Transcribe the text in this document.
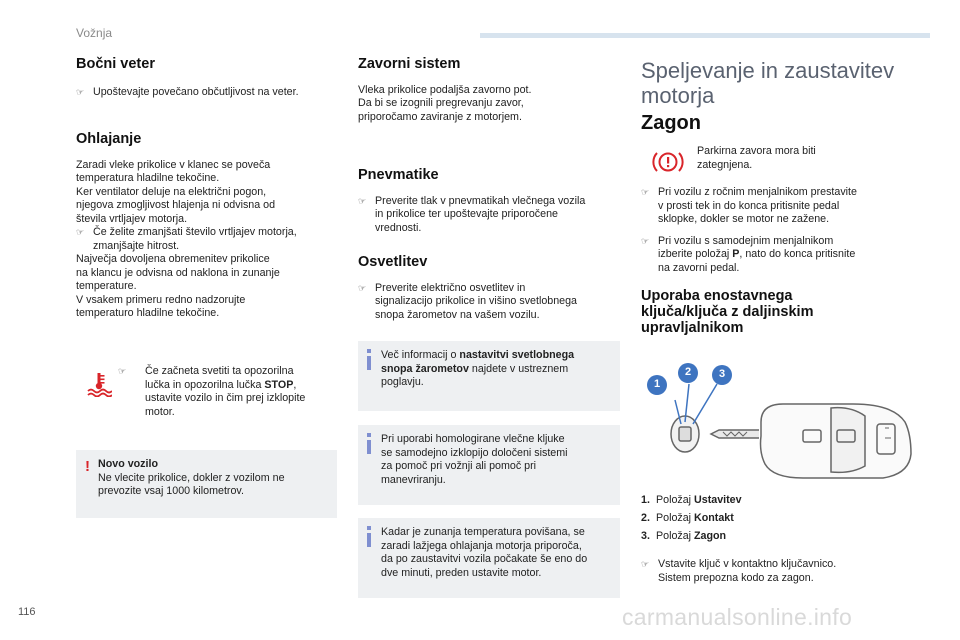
Vožnja
Bočni veter
☞ Upoštevajte povečano občutljivost na veter.
Ohlajanje
Zaradi vleke prikolice v klanec se poveča
temperatura hladilne tekočine.
Ker ventilator deluje na električni pogon,
njegova zmogljivost hlajenja ni odvisna od
števila vrtljajev motorja.
☞ Če želite zmanjšati število vrtljajev motorja,
zmanjšajte hitrost.
Največja dovoljena obremenitev prikolice
na klancu je odvisna od naklona in zunanje
temperature.
V vsakem primeru redno nadzorujte
temperaturo hladilne tekočine.
☞ Če začneta svetiti ta opozorilna
lučka in opozorilna lučka STOP,
ustavite vozilo in čim prej izklopite
motor.
! Novo vozilo
Ne vlecite prikolice, dokler z vozilom ne
prevozite vsaj 1000 kilometrov.
Zavorni sistem
Vleka prikolice podaljša zavorno pot.
Da bi se izognili pregrevanju zavor,
priporočamo zaviranje z motorjem.
Pnevmatike
☞ Preverite tlak v pnevmatikah vlečnega vozila
in prikolice ter upoštevajte priporočene
vrednosti.
Osvetlitev
☞ Preverite električno osvetlitev in
signalizacijo prikolice in višino svetlobnega
snopa žarometov na vašem vozilu.
Več informacij o nastavitvi svetlobnega
snopa žarometov najdete v ustreznem
poglavju.
Pri uporabi homologirane vlečne kljuke
se samodejno izklopijo določeni sistemi
za pomoč pri vožnji ali pomoč pri
manevriranju.
Kadar je zunanja temperatura povišana, se
zaradi lažjega ohlajanja motorja priporoča,
da po zaustavitvi vozila počakate še eno do
dve minuti, preden ustavite motor.
Speljevanje in zaustavitev
motorja
Zagon
Parkirna zavora mora biti
zategnjena.
☞ Pri vozilu z ročnim menjalnikom prestavite
v prosti tek in do konca pritisnite pedal
sklopke, dokler se motor ne zažene.
☞ Pri vozilu s samodejnim menjalnikom
izberite položaj P, nato do konca pritisnite
na zavorni pedal.
Uporaba enostavnega
ključa/ključa z daljinskim
upravljalnikom
1
2	3
1. Položaj Ustavitev
2. Položaj Kontakt
3. Položaj Zagon
☞ Vstavite ključ v kontaktno ključavnico.
Sistem prepozna kodo za zagon.
116	carmanualsonline.info
